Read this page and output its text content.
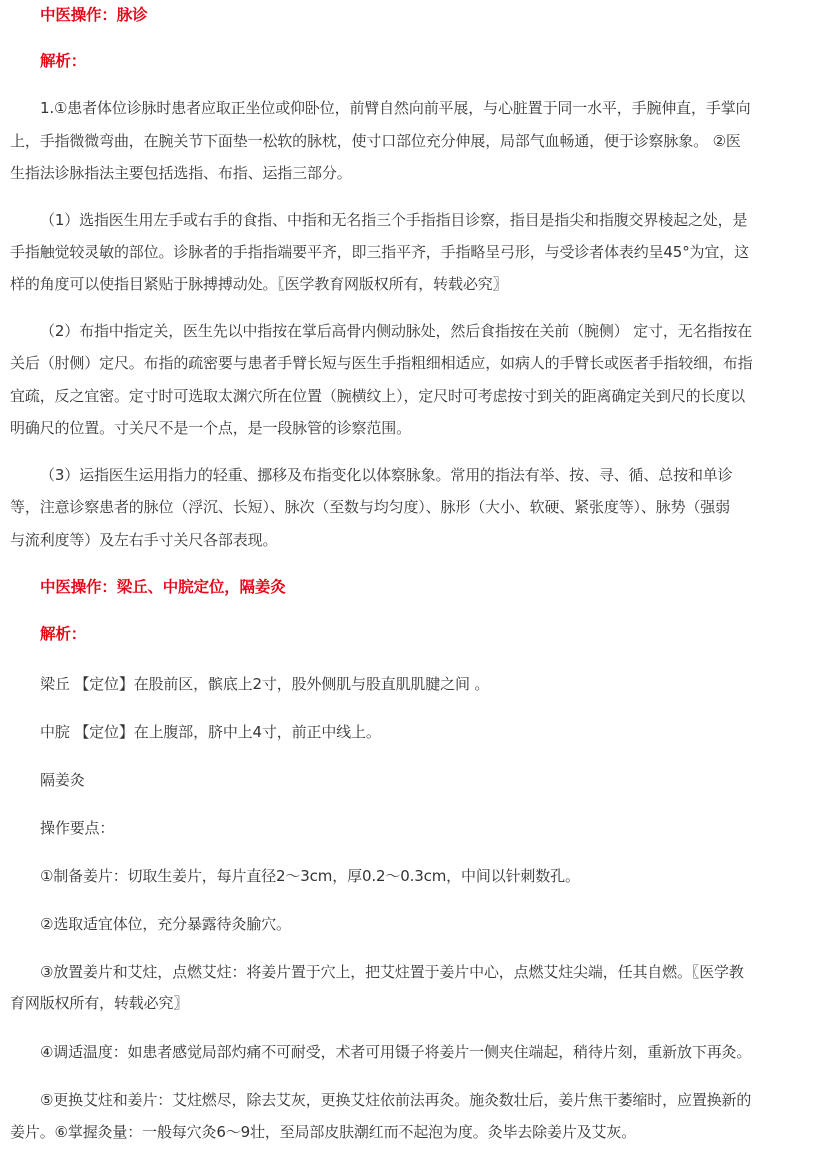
中医操作：脉诊
解析：
1.①患者体位诊脉时患者应取正坐位或仰卧位，前臂自然向前平展，与心脏置于同一水平，手腕伸直，手掌向
上，手指微微弯曲，在腕关节下面垫一松软的脉枕，使寸口部位充分伸展，局部气血畅通，便于诊察脉象。 ②医
生指法诊脉指法主要包括选指、布指、运指三部分。
（1）选指医生用左手或右手的食指、中指和无名指三个手指指目诊察，指目是指尖和指腹交界棱起之处，是
手指触觉较灵敏的部位。诊脉者的手指指端要平齐，即三指平齐，手指略呈弓形，与受诊者体表约呈45°为宜，这
样的角度可以使指目紧贴于脉搏搏动处。〖医学教育网版权所有，转载必究〗
（2）布指中指定关，医生先以中指按在掌后高骨内侧动脉处，然后食指按在关前（腕侧） 定寸，无名指按在
关后（肘侧）定尺。布指的疏密要与患者手臂长短与医生手指粗细相适应，如病人的手臂长或医者手指较细，布指
宜疏，反之宜密。定寸时可选取太渊穴所在位置（腕横纹上），定尺时可考虑按寸到关的距离确定关到尺的长度以
明确尺的位置。寸关尺不是一个点，是一段脉管的诊察范围。
（3）运指医生运用指力的轻重、挪移及布指变化以体察脉象。常用的指法有举、按、寻、循、总按和单诊
等，注意诊察患者的脉位（浮沉、长短）、脉次（至数与均匀度）、脉形（大小、软硬、紧张度等）、脉势（强弱
与流利度等）及左右手寸关尺各部表现。
中医操作：梁丘、中脘定位，隔姜灸
解析：
梁丘 【定位】在股前区，髌底上2寸，股外侧肌与股直肌肌腱之间 。
中脘 【定位】在上腹部，脐中上4寸，前正中线上。
隔姜灸
操作要点：
①制备姜片：切取生姜片，每片直径2～3cm，厚0.2～0.3cm，中间以针刺数孔。
②选取适宜体位，充分暴露待灸腧穴。
③放置姜片和艾炷，点燃艾炷：将姜片置于穴上，把艾炷置于姜片中心，点燃艾炷尖端，任其自燃。〖医学教
育网版权所有，转载必究〗
④调适温度：如患者感觉局部灼痛不可耐受，术者可用镊子将姜片一侧夹住端起，稍待片刻，重新放下再灸。
⑤更换艾炷和姜片：艾炷燃尽，除去艾灰，更换艾炷依前法再灸。施灸数壮后，姜片焦干萎缩时，应置换新的
姜片。⑥掌握灸量：一般每穴灸6～9壮，至局部皮肤潮红而不起泡为度。灸毕去除姜片及艾灰。
